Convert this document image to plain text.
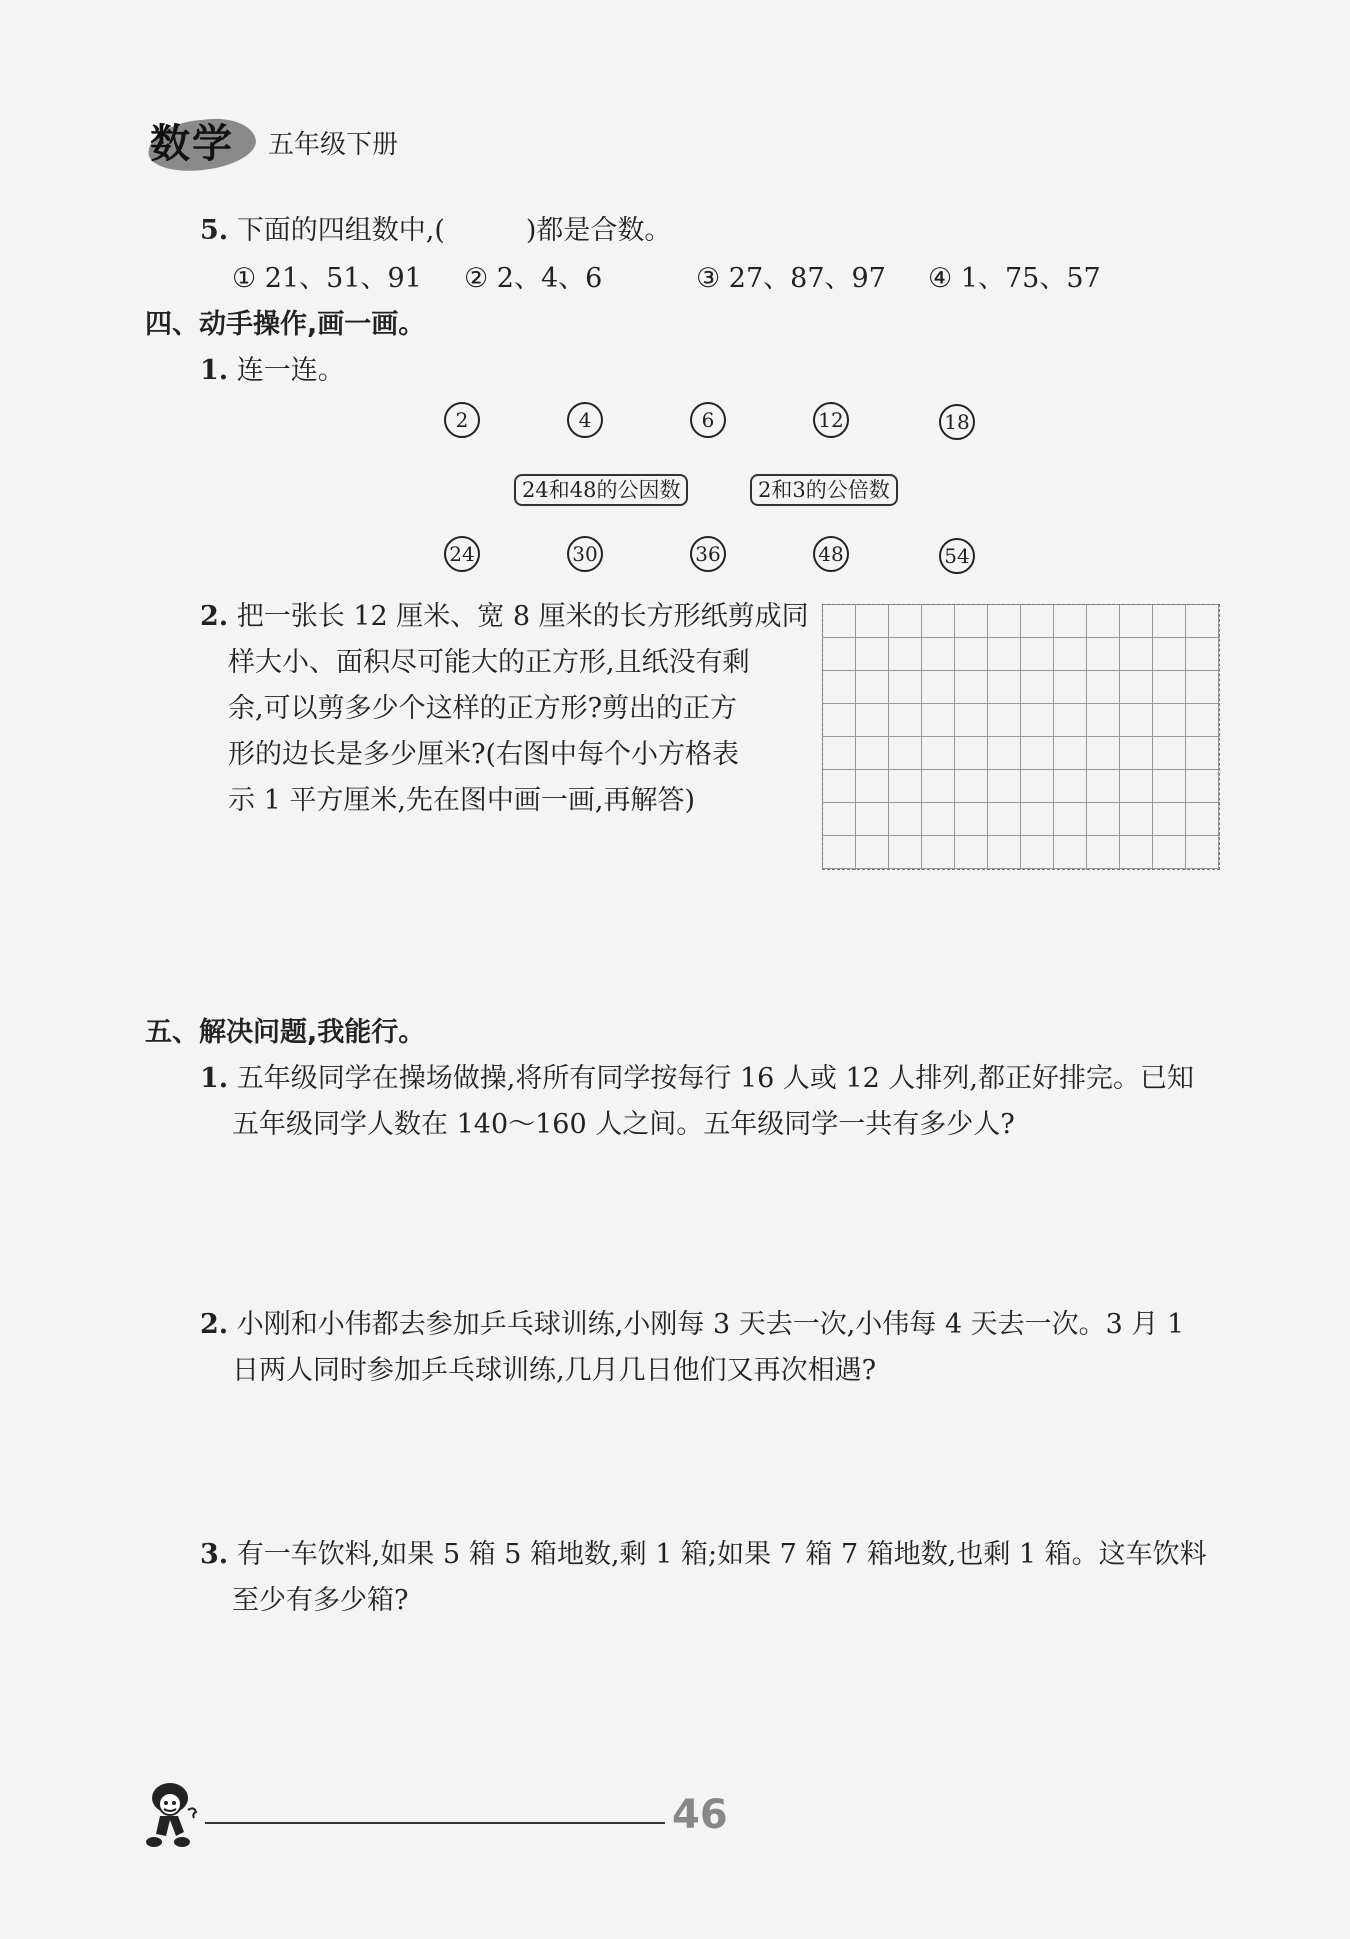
数学 五年级下册
5. 下面的四组数中,(　　　)都是合数。
① 21、51、91 ② 2、4、6	③ 27、87、97 ④ 1、75、57
四、动手操作,画一画。
1. 连一连。
2	4	6	12	18
24和48的公因数	2和3的公倍数
24	30	36	48	54
2. 把一张长 12 厘米、宽 8 厘米的长方形纸剪成同
样大小、面积尽可能大的正方形,且纸没有剩
余,可以剪多少个这样的正方形?剪出的正方
形的边长是多少厘米?(右图中每个小方格表
示 1 平方厘米,先在图中画一画,再解答)
五、解决问题,我能行。
1. 五年级同学在操场做操,将所有同学按每行 16 人或 12 人排列,都正好排完。已知
五年级同学人数在 140～160 人之间。五年级同学一共有多少人?
2. 小刚和小伟都去参加乒乓球训练,小刚每 3 天去一次,小伟每 4 天去一次。3 月 1
日两人同时参加乒乓球训练,几月几日他们又再次相遇?
3. 有一车饮料,如果 5 箱 5 箱地数,剩 1 箱;如果 7 箱 7 箱地数,也剩 1 箱。这车饮料
至少有多少箱?
46
